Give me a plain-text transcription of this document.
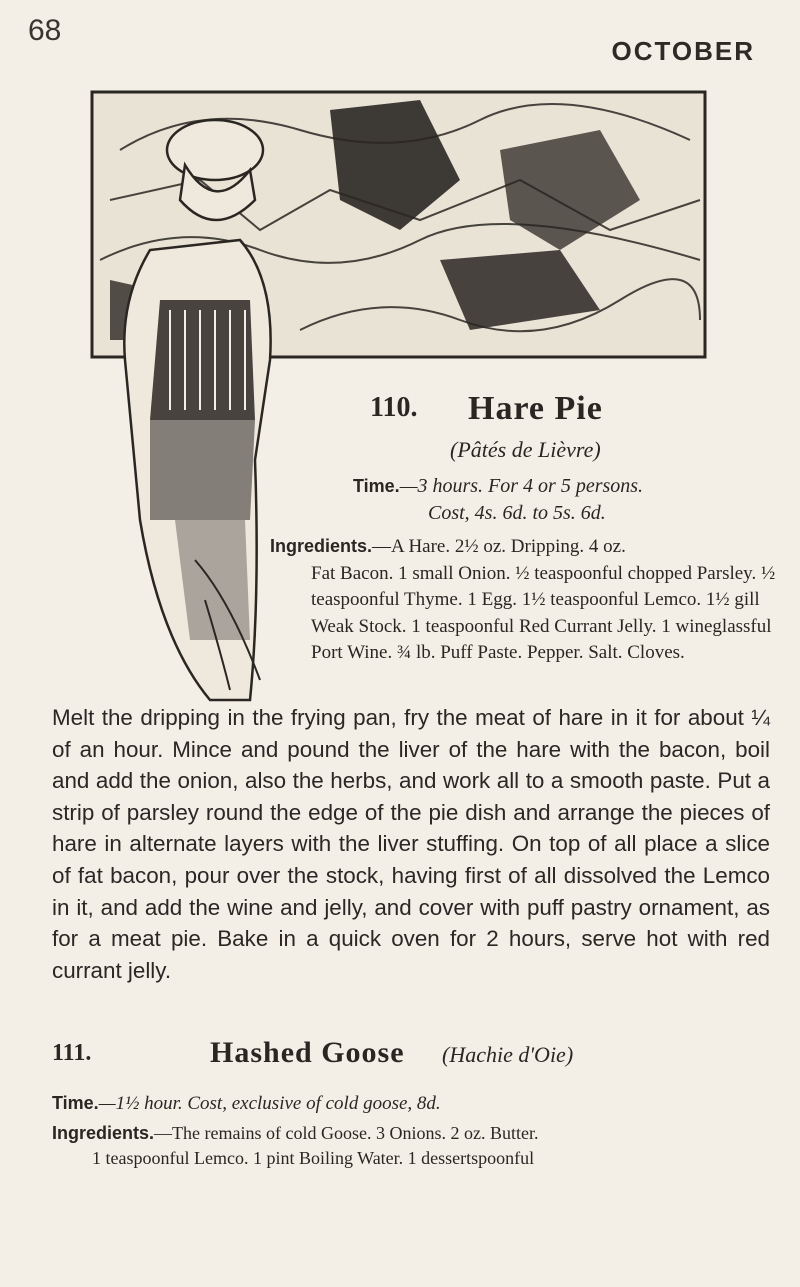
68
OCTOBER
110. Hare Pie
(Pâtés de Lièvre)
Time.—3 hours. For 4 or 5 persons.
Cost, 4s. 6d. to 5s. 6d.
Ingredients.—A Hare. 2½ oz. Dripping. 4 oz.
Fat Bacon. 1 small Onion. ½ teaspoonful chopped Parsley. ½ teaspoonful Thyme. 1 Egg. 1½ teaspoonful Lemco. 1½ gill Weak Stock. 1 teaspoonful Red Currant Jelly. 1 wineglassful Port Wine. ¾ lb. Puff Paste. Pepper. Salt. Cloves.
Melt the dripping in the frying pan, fry the meat of hare in it for about ¼ of an hour. Mince and pound the liver of the hare with the bacon, boil and add the onion, also the herbs, and work all to a smooth paste. Put a strip of parsley round the edge of the pie dish and arrange the pieces of hare in alternate layers with the liver stuffing. On top of all place a slice of fat bacon, pour over the stock, having first of all dissolved the Lemco in it, and add the wine and jelly, and cover with puff pastry ornament, as for a meat pie. Bake in a quick oven for 2 hours, serve hot with red currant jelly.
111.	Hashed Goose (Hachie d'Oie)
Time.—1½ hour. Cost, exclusive of cold goose, 8d.
Ingredients.—The remains of cold Goose. 3 Onions. 2 oz. Butter.
1 teaspoonful Lemco. 1 pint Boiling Water. 1 dessertspoonful
